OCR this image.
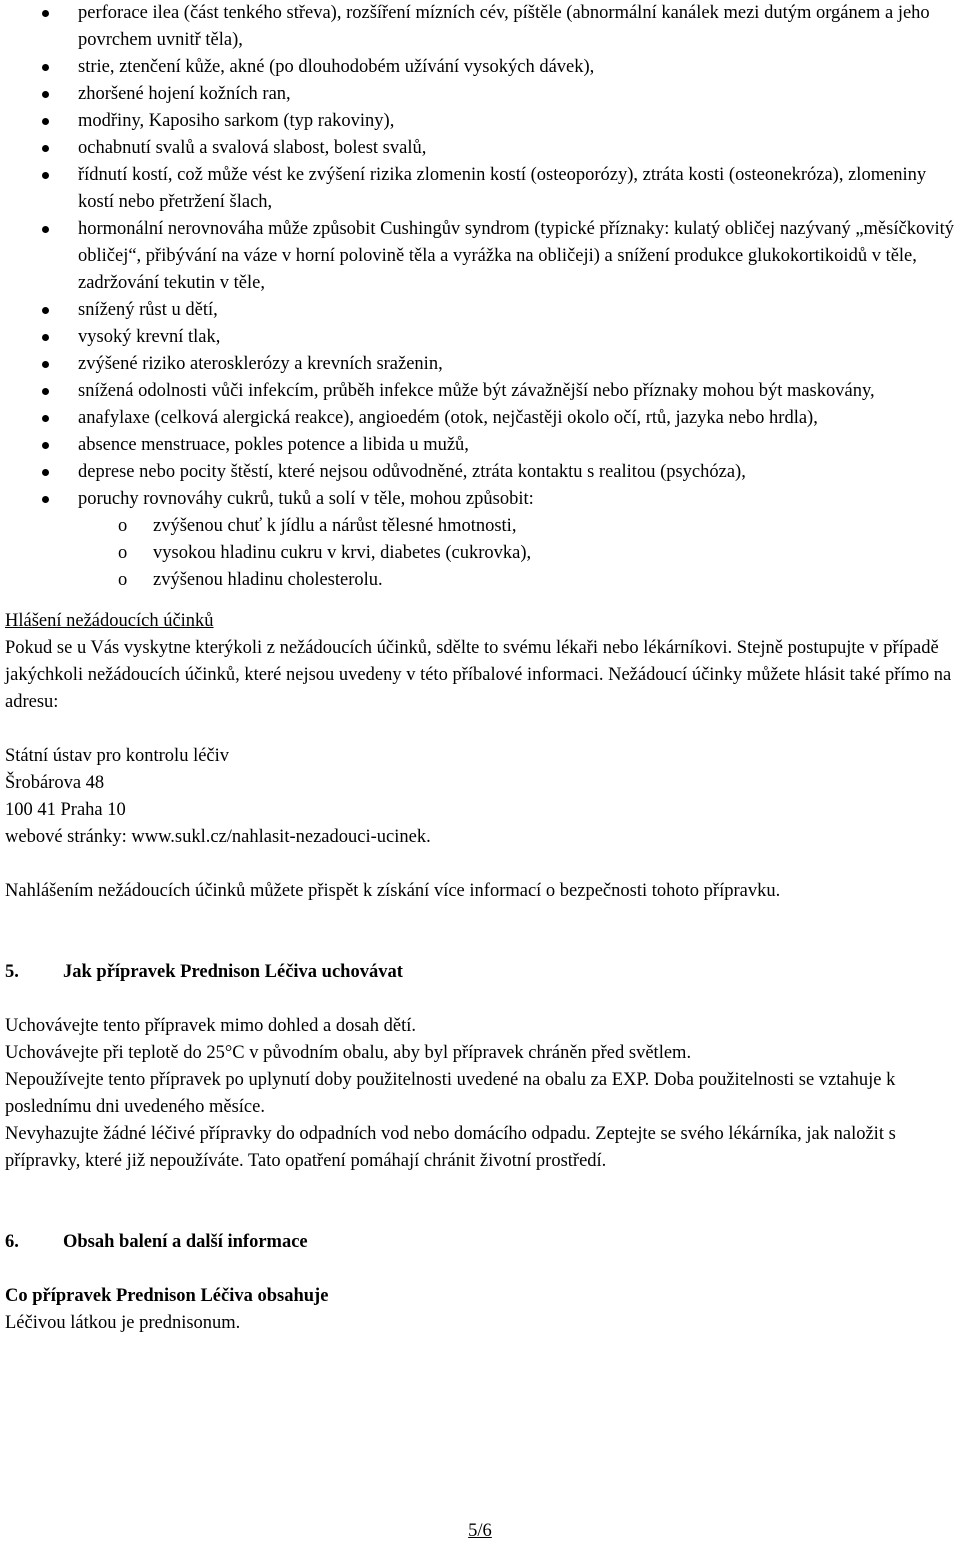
perforace ilea (část tenkého střeva), rozšíření mízních cév, píštěle (abnormální kanálek mezi dutým orgánem a jeho povrchem uvnitř těla),
strie, ztenčení kůže, akné (po dlouhodobém užívání vysokých dávek),
zhoršené hojení kožních ran,
modřiny, Kaposiho sarkom (typ rakoviny),
ochabnutí svalů a svalová slabost, bolest svalů,
řídnutí kostí, což může vést ke zvýšení rizika zlomenin kostí (osteoporózy), ztráta kosti (osteonekróza), zlomeniny kostí nebo přetržení šlach,
hormonální nerovnováha může způsobit Cushingův syndrom (typické příznaky: kulatý obličej nazývaný „měsíčkovitý obličej“, přibývání na váze v horní polovině těla a vyrážka na obličeji) a snížení produkce glukokortikoidů v těle, zadržování tekutin v těle,
snížený růst u dětí,
vysoký krevní tlak,
zvýšené riziko aterosklerózy a krevních sraženin,
snížená odolnosti vůči infekcím, průběh infekce může být závažnější nebo příznaky mohou být maskovány,
anafylaxe (celková alergická reakce), angioedém (otok, nejčastěji okolo očí, rtů, jazyka nebo hrdla),
absence menstruace, pokles potence a libida u mužů,
deprese nebo pocity štěstí, které nejsou odůvodněné, ztráta kontaktu s realitou (psychóza),
poruchy rovnováhy cukrů, tuků a solí v těle, mohou způsobit:
o zvýšenou chuť k jídlu a nárůst tělesné hmotnosti,
o vysokou hladinu cukru v krvi, diabetes (cukrovka),
o zvýšenou hladinu cholesterolu.

Hlášení nežádoucích účinků

Pokud se u Vás vyskytne kterýkoli z nežádoucích účinků, sdělte to svému lékaři nebo lékárníkovi. Stejně postupujte v případě jakýchkoli nežádoucích účinků, které nejsou uvedeny v této příbalové informaci. Nežádoucí účinky můžete hlásit také přímo na adresu:

Státní ústav pro kontrolu léčiv

Šrobárova 48

100 41 Praha 10

webové stránky: www.sukl.cz/nahlasit-nezadouci-ucinek.

Nahlášením nežádoucích účinků můžete přispět k získání více informací o bezpečnosti tohoto přípravku.

5. Jak přípravek Prednison Léčiva uchovávat

Uchovávejte tento přípravek mimo dohled a dosah dětí.

Uchovávejte při teplotě do 25°C v původním obalu, aby byl přípravek chráněn před světlem.

Nepoužívejte tento přípravek po uplynutí doby použitelnosti uvedené na obalu za EXP. Doba použitelnosti se vztahuje k poslednímu dni uvedeného měsíce.

Nevyhazujte žádné léčivé přípravky do odpadních vod nebo domácího odpadu. Zeptejte se svého lékárníka, jak naložit s přípravky, které již nepoužíváte. Tato opatření pomáhají chránit životní prostředí.

6. Obsah balení a další informace
Co přípravek Prednison Léčiva obsahuje

Léčivou látkou je prednisonum.

5/6
